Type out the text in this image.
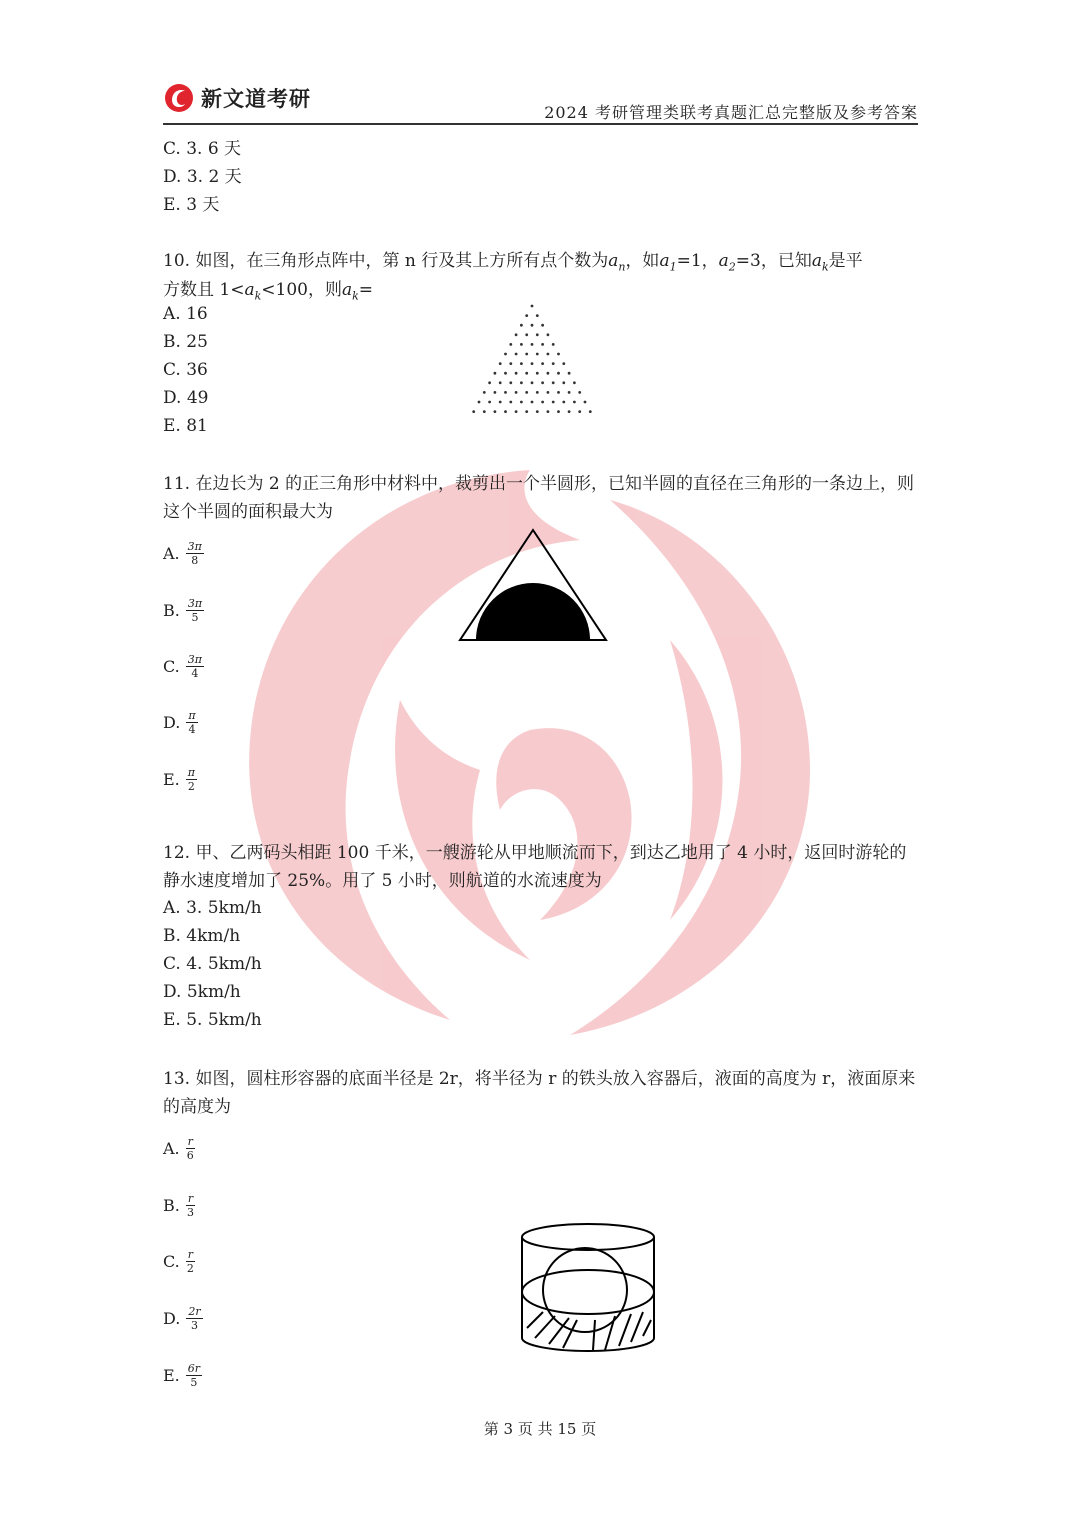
新文道考研
2024 考研管理类联考真题汇总完整版及参考答案
C. 3. 6 天
D. 3. 2 天
E. 3 天
10. 如图，在三角形点阵中，第 n 行及其上方所有点个数为$a_n$，如$a_1=1$，$a_2=3$，已知$a_k$是平
方数且 $1<a_k<100$，则$a_k=$
A. 16
B. 25
C. 36
D. 49
E. 81
11. 在边长为 2 的正三角形中材料中，裁剪出一个半圆形，已知半圆的直径在三角形的一条边上，则这个半圆的面积最大为
A. $\frac{3\pi}{8}$
B. $\frac{3\pi}{5}$
C. $\frac{3\pi}{4}$
D. $\frac{\pi}{4}$
E. $\frac{\pi}{2}$
12. 甲、乙两码头相距 100 千米，一艘游轮从甲地顺流而下，到达乙地用了 4 小时，返回时游轮的静水速度增加了 25%。用了 5 小时，则航道的水流速度为
A. 3. 5km/h
B. 4km/h
C. 4. 5km/h
D. 5km/h
E. 5. 5km/h
13. 如图，圆柱形容器的底面半径是 2r，将半径为 r 的铁头放入容器后，液面的高度为 r，液面原来的高度为
A. $\frac{r}{6}$
B. $\frac{r}{3}$
C. $\frac{r}{2}$
D. $\frac{2r}{3}$
E. $\frac{6r}{5}$
第 3 页 共 15 页
